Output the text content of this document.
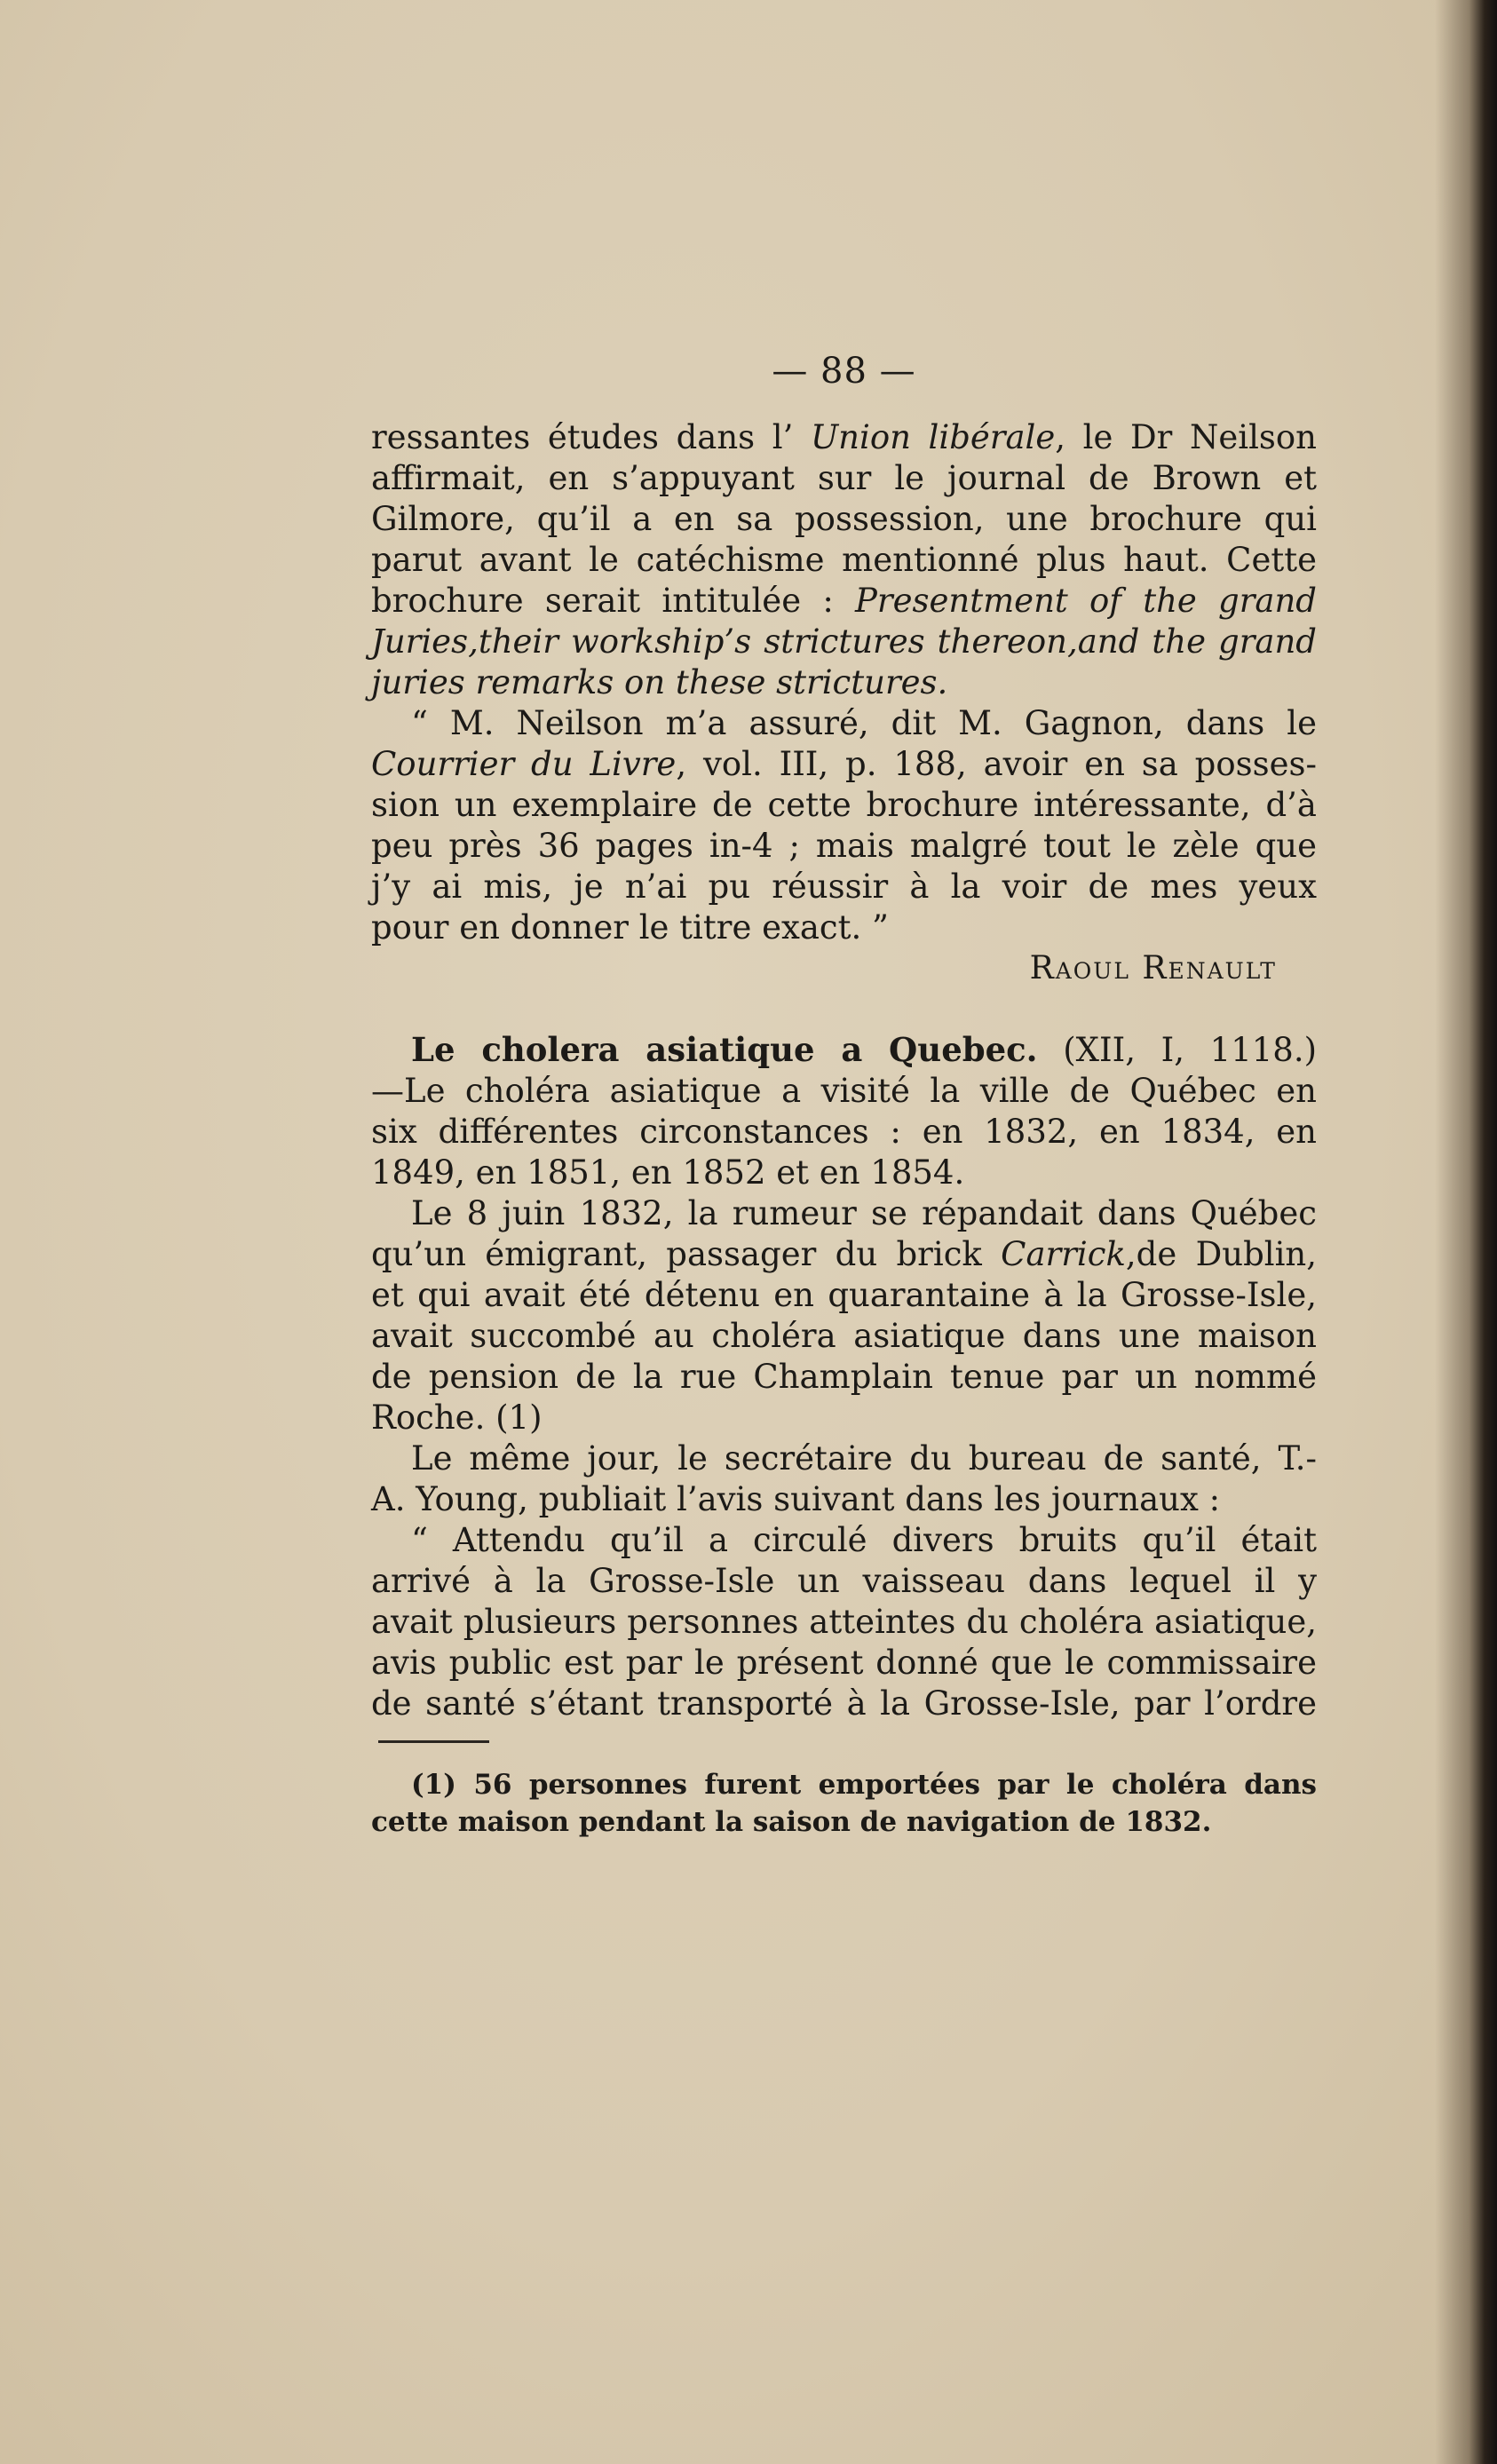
— 88 —
ressantes études dans l’ Union libérale, le Dr Neilson
affirmait, en s’appuyant sur le journal de Brown et
Gilmore, qu’il a en sa possession, une brochure qui
parut avant le catéchisme mentionné plus haut. Cette
brochure serait intitulée : Presentment of the grand
Juries,their workship’s strictures thereon,and the grand
juries remarks on these strictures.
“ M. Neilson m’a assuré, dit M. Gagnon, dans le
Courrier du Livre, vol. III, p. 188, avoir en sa posses-
sion un exemplaire de cette brochure intéressante, d’à
peu près 36 pages in-4 ; mais malgré tout le zèle que
j’y ai mis, je n’ai pu réussir à la voir de mes yeux
pour en donner le titre exact. ”
Raoul Renault
Le cholera asiatique a Quebec. (XII, I, 1118.)
—Le choléra asiatique a visité la ville de Québec en
six différentes circonstances : en 1832, en 1834, en
1849, en 1851, en 1852 et en 1854.
Le 8 juin 1832, la rumeur se répandait dans Québec
qu’un émigrant, passager du brick Carrick,de Dublin,
et qui avait été détenu en quarantaine à la Grosse-Isle,
avait succombé au choléra asiatique dans une maison
de pension de la rue Champlain tenue par un nommé
Roche. (1)
Le même jour, le secrétaire du bureau de santé, T.-
A. Young, publiait l’avis suivant dans les journaux :
“ Attendu qu’il a circulé divers bruits qu’il était
arrivé à la Grosse-Isle un vaisseau dans lequel il y
avait plusieurs personnes atteintes du choléra asiatique,
avis public est par le présent donné que le commissaire
de santé s’étant transporté à la Grosse-Isle, par l’ordre
(1) 56 personnes furent emportées par le choléra dans
cette maison pendant la saison de navigation de 1832.
